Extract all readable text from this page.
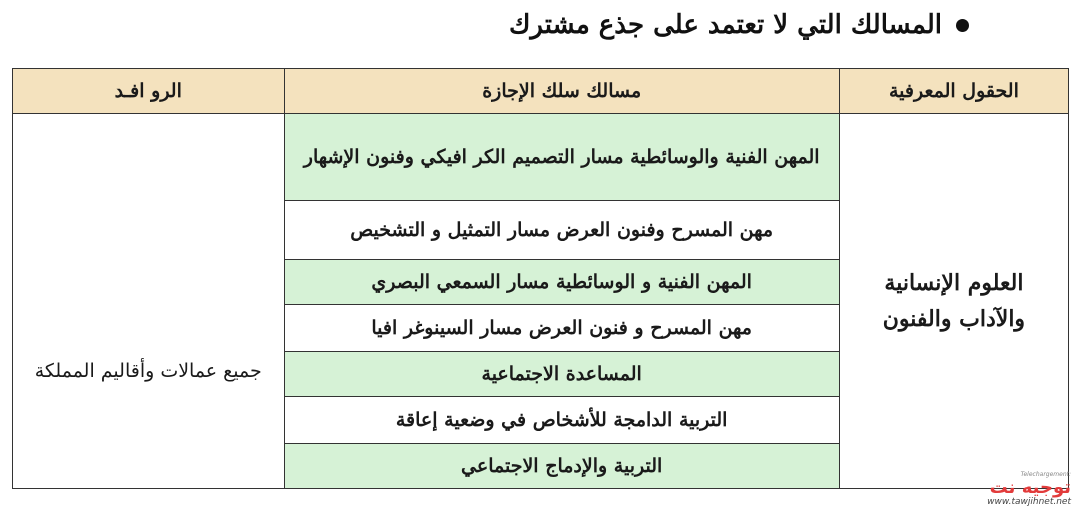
المسالك التي لا تعتمد على جذع مشترك
الحقول المعرفية	مسالك سلك الإجازة	الرو افـد
العلوم الإنسانية والآداب والفنون	المهن الفنية والوسائطية مسار التصميم الكر افيكي وفنون الإشهار	جميع عمالات وأقاليم المملكة
	مهن المسرح وفنون العرض مسار التمثيل و التشخيص	
	المهن الفنية و الوسائطية مسار السمعي البصري	
	مهن المسرح و فنون العرض مسار السينوغر افيا	
	المساعدة الاجتماعية	
	التربية الدامجة للأشخاص في وضعية إعاقة	
	التربية والإدماج الاجتماعي		Telechargement:
توجيه نت
www.tawjihnet.net
